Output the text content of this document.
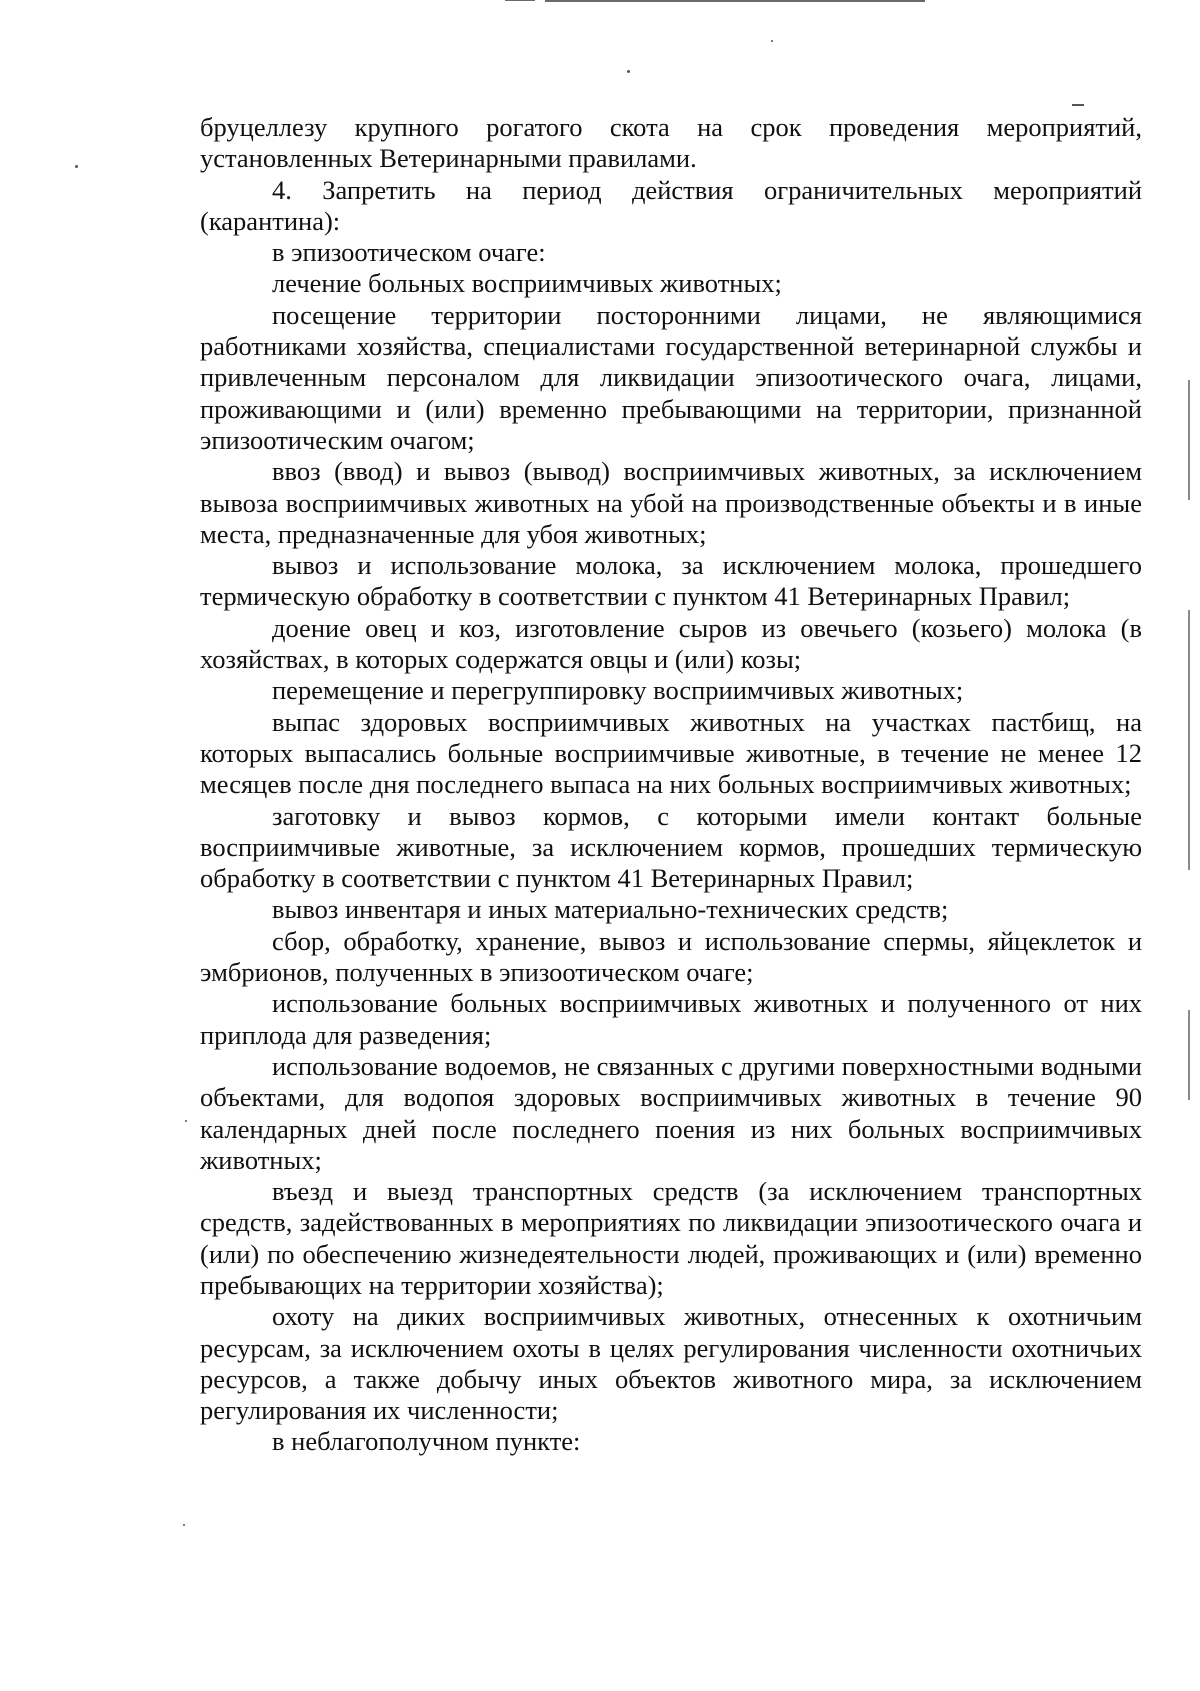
бруцеллезу крупного рогатого скота на срок проведения мероприятий, установленных Ветеринарными правилами.

4. Запретить на период действия ограничительных мероприятий (карантина):

в эпизоотическом очаге:

лечение больных восприимчивых животных;

посещение территории посторонними лицами, не являющимися работниками хозяйства, специалистами государственной ветеринарной службы и привлеченным персоналом для ликвидации эпизоотического очага, лицами, проживающими и (или) временно пребывающими на территории, признанной эпизоотическим очагом;

ввоз (ввод) и вывоз (вывод) восприимчивых животных, за исключением вывоза восприимчивых животных на убой на производственные объекты и в иные места, предназначенные для убоя животных;

вывоз и использование молока, за исключением молока, прошедшего термическую обработку в соответствии с пунктом 41 Ветеринарных Правил;

доение овец и коз, изготовление сыров из овечьего (козьего) молока (в хозяйствах, в которых содержатся овцы и (или) козы;

перемещение и перегруппировку восприимчивых животных;

выпас здоровых восприимчивых животных на участках пастбищ, на которых выпасались больные восприимчивые животные, в течение не менее 12 месяцев после дня последнего выпаса на них больных восприимчивых животных;

заготовку и вывоз кормов, с которыми имели контакт больные восприимчивые животные, за исключением кормов, прошедших термическую обработку в соответствии с пунктом 41 Ветеринарных Правил;

вывоз инвентаря и иных материально-технических средств;

сбор, обработку, хранение, вывоз и использование спермы, яйцеклеток и эмбрионов, полученных в эпизоотическом очаге;

использование больных восприимчивых животных и полученного от них приплода для разведения;

использование водоемов, не связанных с другими поверхностными водными объектами, для водопоя здоровых восприимчивых животных в течение 90 календарных дней после последнего поения из них больных восприимчивых животных;

въезд и выезд транспортных средств (за исключением транспортных средств, задействованных в мероприятиях по ликвидации эпизоотического очага и (или) по обеспечению жизнедеятельности людей, проживающих и (или) временно пребывающих на территории хозяйства);

охоту на диких восприимчивых животных, отнесенных к охотничьим ресурсам, за исключением охоты в целях регулирования численности охотничьих ресурсов, а также добычу иных объектов животного мира, за исключением регулирования их численности;

в неблагополучном пункте:
